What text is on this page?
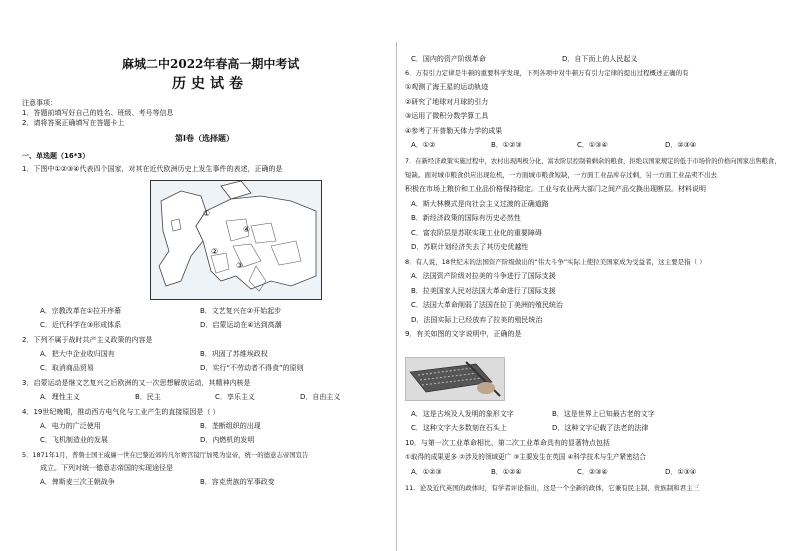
麻城二中2022年春高一期中考试
历史试卷
注意事项：
1．答题前填写好自己的姓名、班级、考号等信息
2．请将答案正确填写在答题卡上
第I卷（选择题）
一、单选题（16*3）
1．下图中①②③④代表四个国家，对其在近代欧洲历史上发生事件的表述，正确的是
①
②
③
④
A．宗教改革在①拉开序幕	B．文艺复兴在②开始起步
C．近代科学在③形成体系	D．启蒙运动在④达到高潮
2．下列不属于战时共产主义政策的内容是
A．把大中企业收归国有	B．巩固了苏维埃政权
C．取消商品贸易	D．实行“不劳动者不得食”的原则
3．启蒙运动是继文艺复兴之后欧洲的又一次思想解放运动，其精神内核是
A．理性主义	B．民主	C．享乐主义	D．自由主义
4．19世纪晚期，推动西方电气化与工业产生的直接原因是（ ）
A．电力的广泛使用	B．垄断组织的出现
C．飞机制造业的发展	D．内燃机的发明
5．1871年1月，普鲁士国王威廉一世在巴黎近郊的凡尔赛宫镜厅加冕为皇帝，统一的德意志帝国宣告
成立。下列对统一德意志帝国的实现途径是
A．俾斯麦三次王朝战争	B．容克贵族的军事政变
C．国内的资产阶级革命	D．自下而上的人民起义
6．万有引力定律是牛顿的重要科学发现，下列各项中对牛顿万有引力定律的提出过程概述正确的有
①观测了海王星的运动轨迹
②研究了地球对月球的引力
③运用了微积分数学算工具
④参考了开普勒天体力学的成果
A．①②	B．①②③	C．①③④	D．②③④
7．在新经济政策实施过程中，农村出现两极分化，富农阶层控制着剩余的粮食，拒绝以国家规定的低于市场价的价格向国家出售粮食，
短缺。面对城市粮食供应出现危机，一方面城市粮食短缺，一方面工业品库存过剩，另一方面工业品卖不出去
积极在市场上粮价和工业品价格保持稳定。工业与农业两大部门之间产品交换出现断层。材料说明
A．斯大林模式是向社会主义过渡的正确道路
B．新经济政策的国际有历史必然性
C．富农阶层是苏联实现工业化的重要障碍
D．苏联计划经济失去了其历史优越性
8．有人说，18世纪末的法国资产阶级做出的“伟大斗争”实际上使拉美国家成为受益者，这主要是指（ ）
A．法国资产阶级对拉美的斗争进行了国际支援
B．拉美国家人民对法国大革命进行了国际支援
C．法国大革命削弱了法国在拉丁美洲的殖民统治
D．法国实际上已经放弃了拉美的殖民统治
9．有关如图的文字说明中，正确的是
A．这是古埃及人发明的象形文字	B．这是世界上已知最古老的文字
C．这种文字大多数刻在石头上	D．这种文字记载了法老的法律
10．与第一次工业革命相比，第二次工业革命具有的显著特点包括
①取得的成果更多 ②涉及的领域更广 ③主要发生在英国 ④科学技术与生产紧密结合
A．①②③	B．①②④	C．②③④	D．①③④
11．论及近代英国的政体时，有学者评论指出，这是一个全新的政体，它兼有民主制、贵族制和君主三
